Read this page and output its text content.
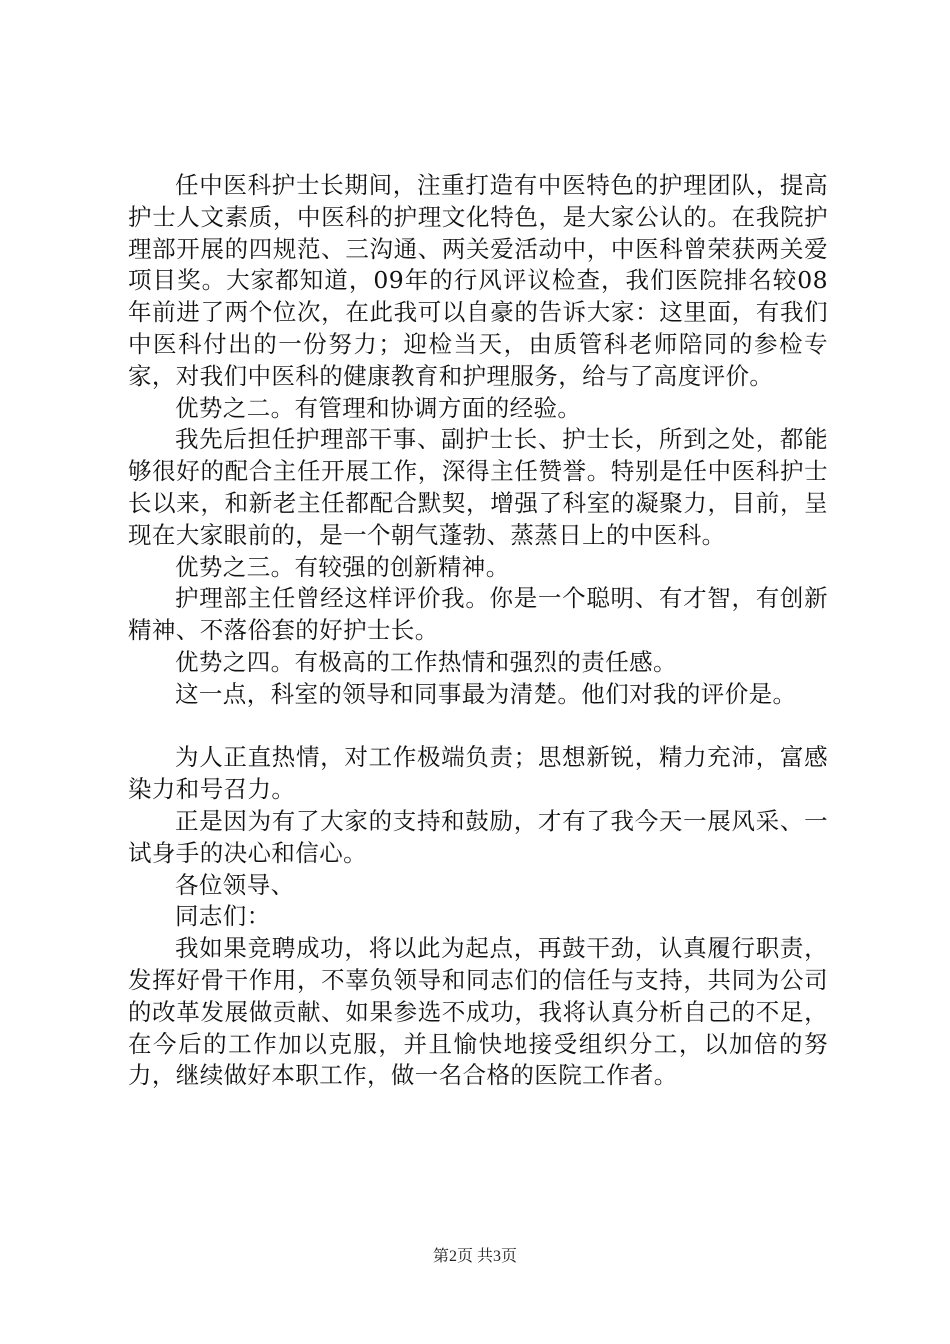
任中医科护士长期间，注重打造有中医特色的护理团队，提高护士人文素质，中医科的护理文化特色，是大家公认的。在我院护理部开展的四规范、三沟通、两关爱活动中，中医科曾荣获两关爱项目奖。大家都知道，09年的行风评议检查，我们医院排名较08年前进了两个位次，在此我可以自豪的告诉大家：这里面，有我们中医科付出的一份努力；迎检当天，由质管科老师陪同的参检专家，对我们中医科的健康教育和护理服务，给与了高度评价。

优势之二。有管理和协调方面的经验。

我先后担任护理部干事、副护士长、护士长，所到之处，都能够很好的配合主任开展工作，深得主任赞誉。特别是任中医科护士长以来，和新老主任都配合默契，增强了科室的凝聚力，目前，呈现在大家眼前的，是一个朝气蓬勃、蒸蒸日上的中医科。

优势之三。有较强的创新精神。

护理部主任曾经这样评价我。你是一个聪明、有才智，有创新精神、不落俗套的好护士长。

优势之四。有极高的工作热情和强烈的责任感。

这一点，科室的领导和同事最为清楚。他们对我的评价是。

为人正直热情，对工作极端负责；思想新锐，精力充沛，富感染力和号召力。

正是因为有了大家的支持和鼓励，才有了我今天一展风采、一试身手的决心和信心。

各位领导、

同志们：

我如果竞聘成功，将以此为起点，再鼓干劲，认真履行职责，发挥好骨干作用，不辜负领导和同志们的信任与支持，共同为公司的改革发展做贡献、如果参选不成功，我将认真分析自己的不足，在今后的工作加以克服，并且愉快地接受组织分工，以加倍的努力，继续做好本职工作，做一名合格的医院工作者。

第2页 共3页
